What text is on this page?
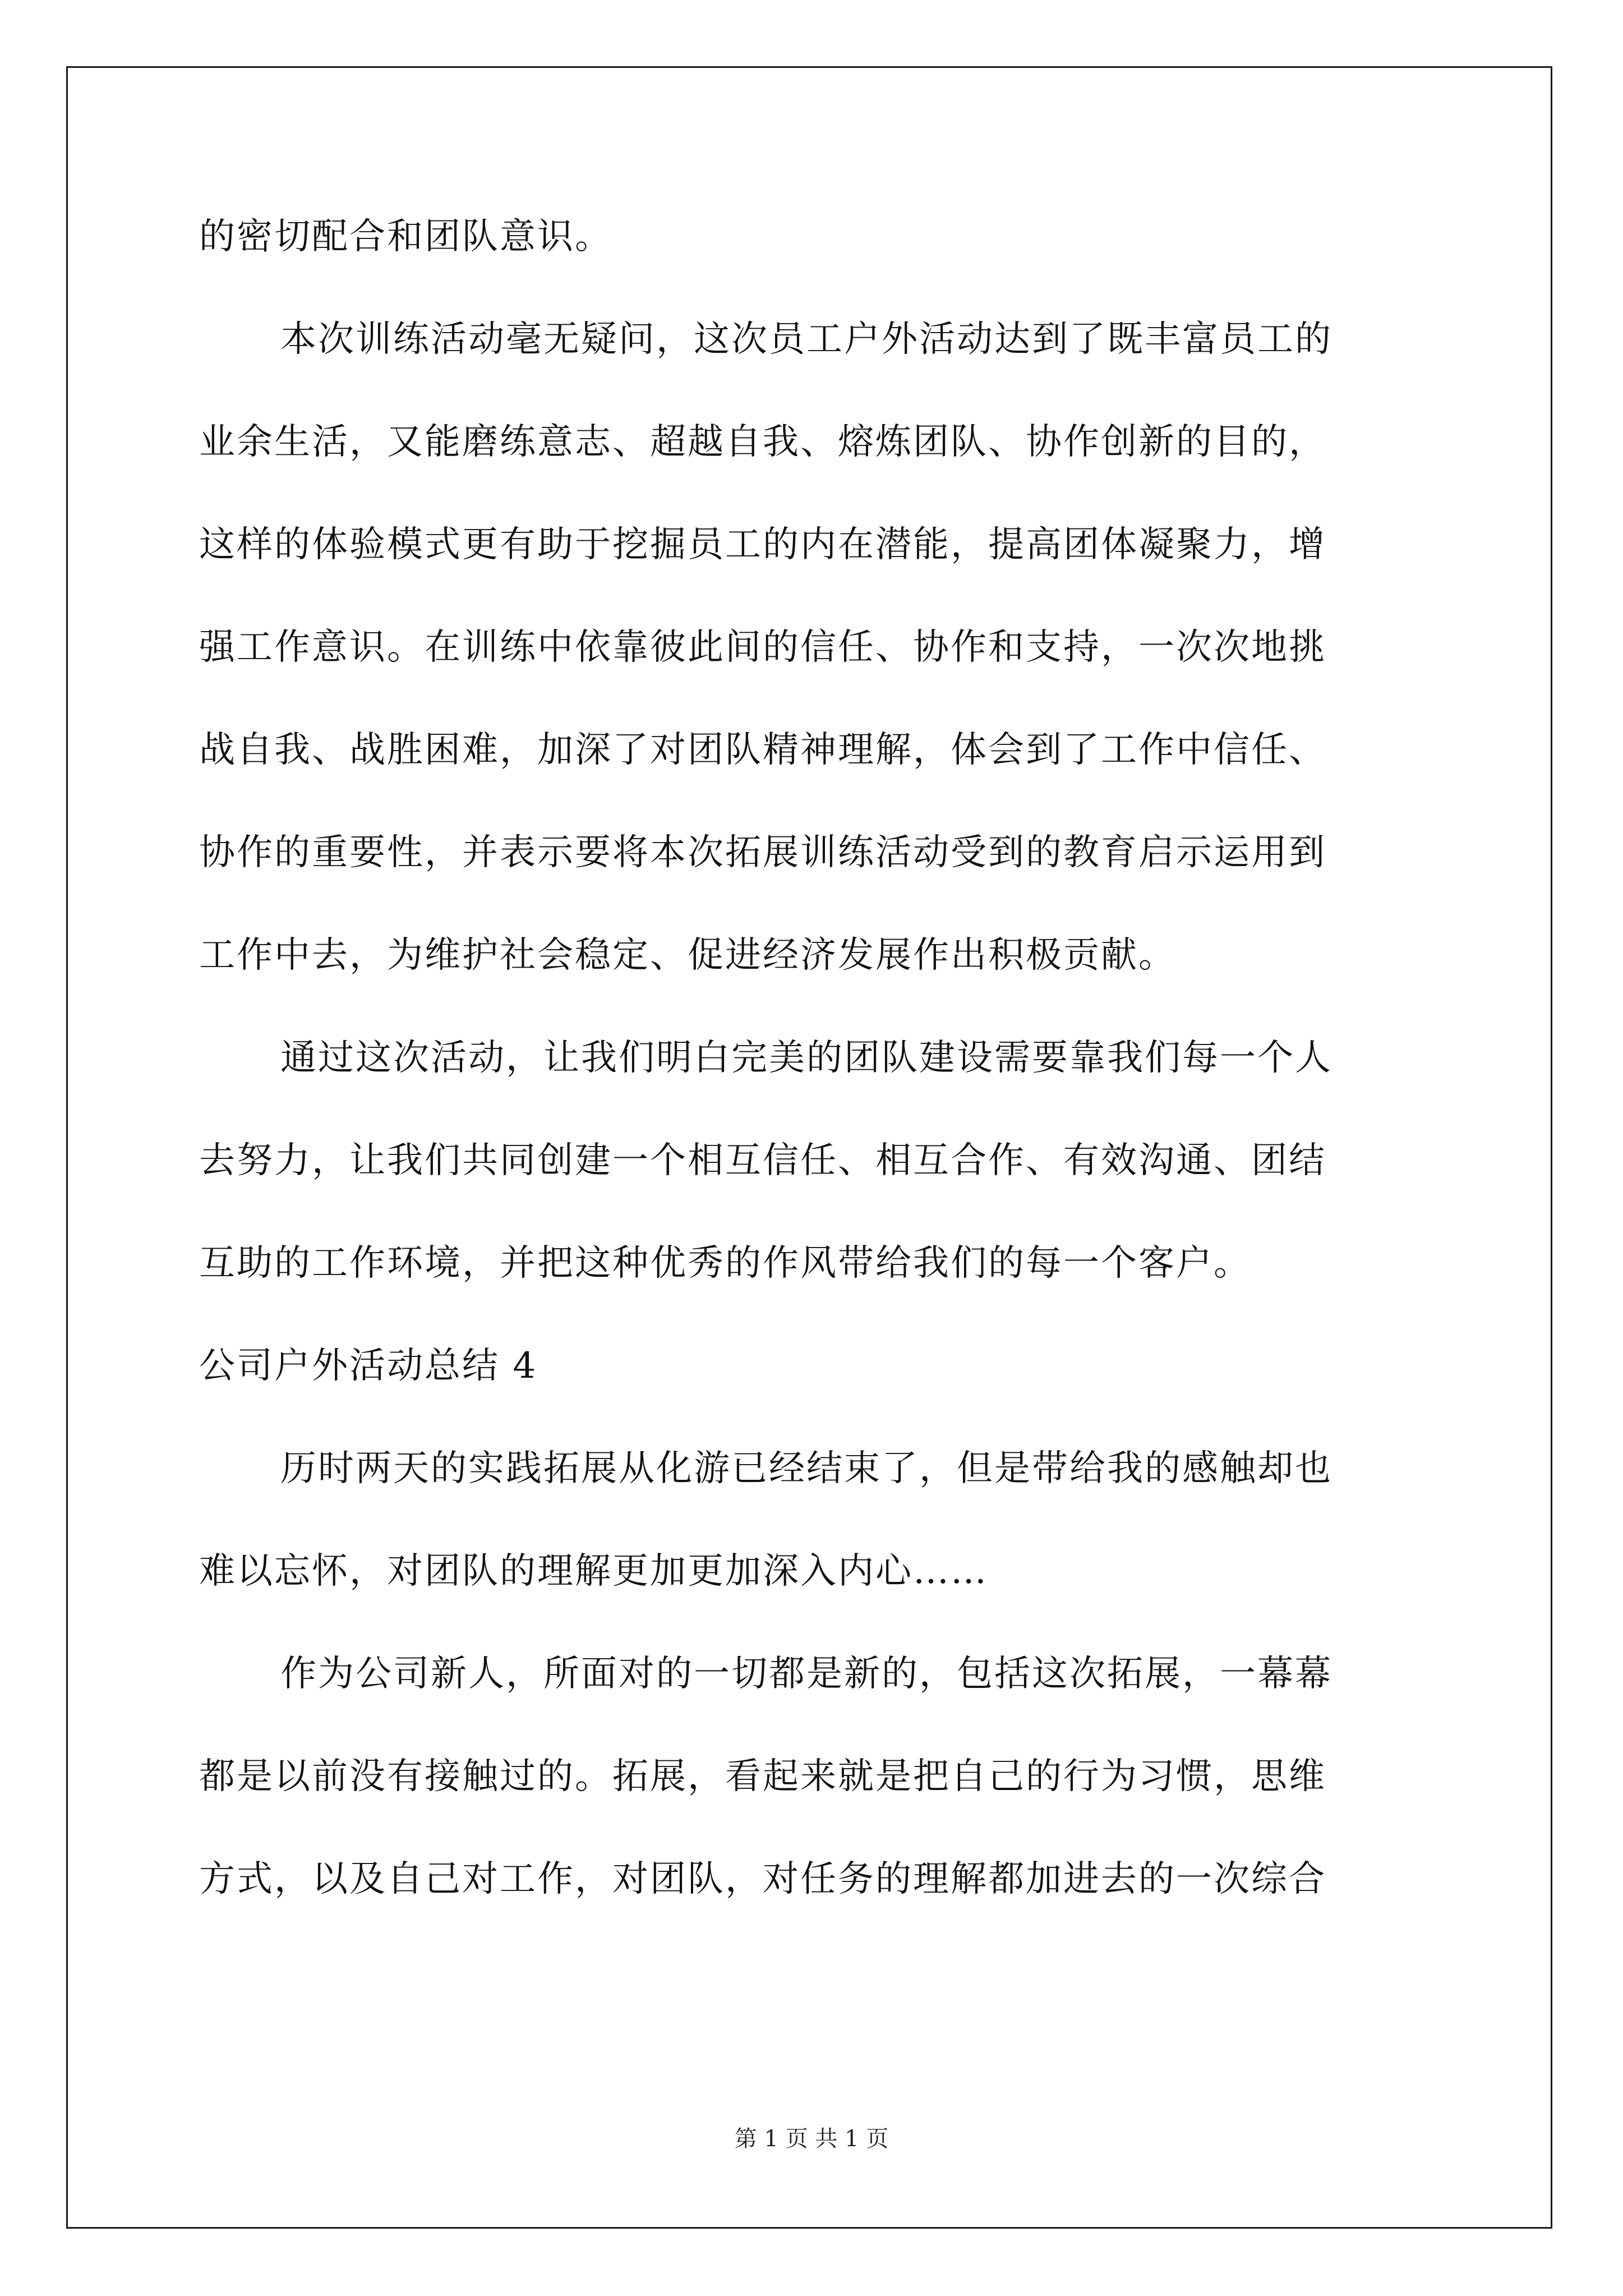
的密切配合和团队意识。
本次训练活动毫无疑问，这次员工户外活动达到了既丰富员工的
业余生活，又能磨练意志、超越自我、熔炼团队、协作创新的目的，
这样的体验模式更有助于挖掘员工的内在潜能，提高团体凝聚力，增
强工作意识。在训练中依靠彼此间的信任、协作和支持，一次次地挑
战自我、战胜困难，加深了对团队精神理解，体会到了工作中信任、
协作的重要性，并表示要将本次拓展训练活动受到的教育启示运用到
工作中去，为维护社会稳定、促进经济发展作出积极贡献。
通过这次活动，让我们明白完美的团队建设需要靠我们每一个人
去努力，让我们共同创建一个相互信任、相互合作、有效沟通、团结
互助的工作环境，并把这种优秀的作风带给我们的每一个客户。
公司户外活动总结 4
历时两天的实践拓展从化游已经结束了，但是带给我的感触却也
难以忘怀，对团队的理解更加更加深入内心……
作为公司新人，所面对的一切都是新的，包括这次拓展，一幕幕
都是以前没有接触过的。拓展，看起来就是把自己的行为习惯，思维
方式，以及自己对工作，对团队，对任务的理解都加进去的一次综合
第 1 页 共 1 页
